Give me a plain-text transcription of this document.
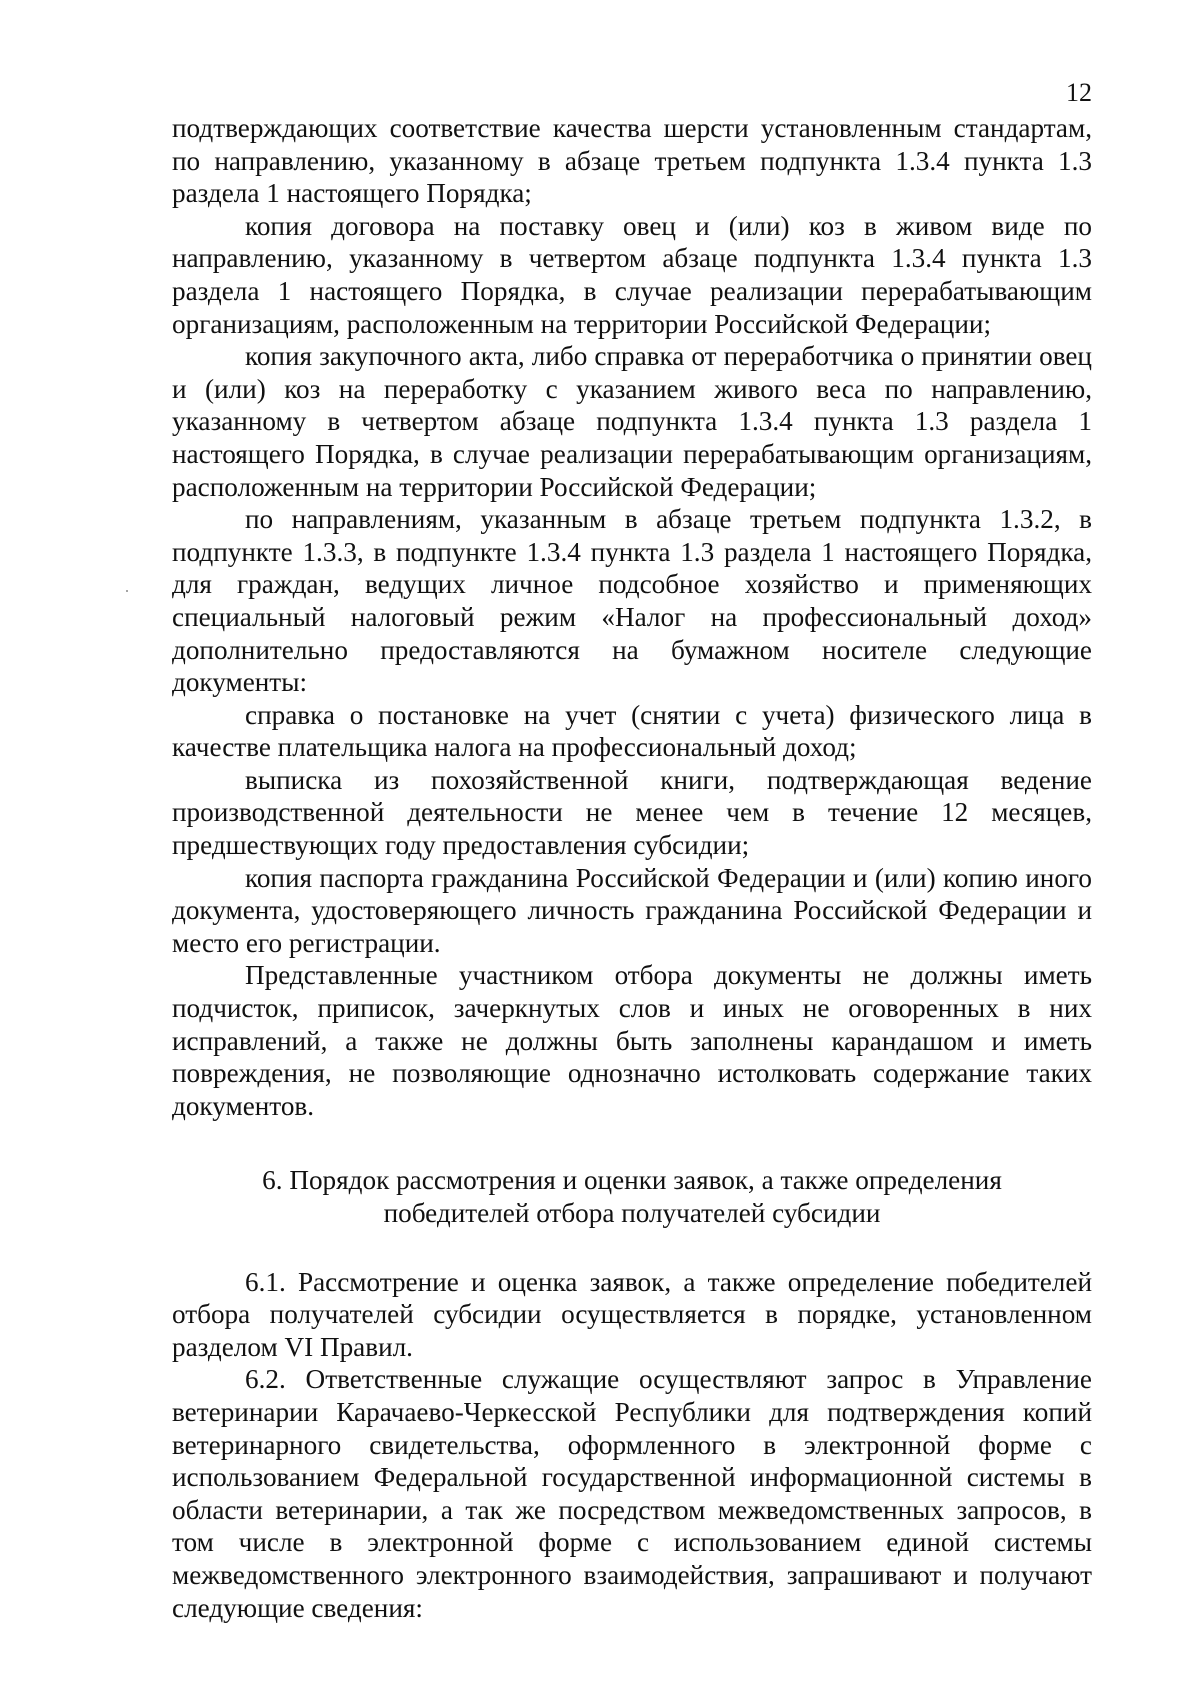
12

подтверждающих соответствие качества шерсти установленным стандартам, по направлению, указанному в абзаце третьем подпункта 1.3.4 пункта 1.3 раздела 1 настоящего Порядка;

копия договора на поставку овец и (или) коз в живом виде по направлению, указанному в четвертом абзаце подпункта 1.3.4 пункта 1.3 раздела 1 настоящего Порядка, в случае реализации перерабатывающим организациям, расположенным на территории Российской Федерации;

копия закупочного акта, либо справка от переработчика о принятии овец и (или) коз на переработку с указанием живого веса по направлению, указанному в четвертом абзаце подпункта 1.3.4 пункта 1.3 раздела 1 настоящего Порядка, в случае реализации перерабатывающим организациям, расположенным на территории Российской Федерации;

по направлениям, указанным в абзаце третьем подпункта 1.3.2, в подпункте 1.3.3, в подпункте 1.3.4 пункта 1.3 раздела 1 настоящего Порядка, для граждан, ведущих личное подсобное хозяйство и применяющих специальный налоговый режим «Налог на профессиональный доход» дополнительно предоставляются на бумажном носителе следующие документы:

справка о постановке на учет (снятии с учета) физического лица в качестве плательщика налога на профессиональный доход;

выписка из похозяйственной книги, подтверждающая ведение производственной деятельности не менее чем в течение 12 месяцев, предшествующих году предоставления субсидии;

копия паспорта гражданина Российской Федерации и (или) копию иного документа, удостоверяющего личность гражданина Российской Федерации и место его регистрации.

Представленные участником отбора документы не должны иметь подчисток, приписок, зачеркнутых слов и иных не оговоренных в них исправлений, а также не должны быть заполнены карандашом и иметь повреждения, не позволяющие однозначно истолковать содержание таких документов.

6. Порядок рассмотрения и оценки заявок, а также определения
победителей отбора получателей субсидии

6.1. Рассмотрение и оценка заявок, а также определение победителей отбора получателей субсидии осуществляется в порядке, установленном разделом VI Правил.

6.2. Ответственные служащие осуществляют запрос в Управление ветеринарии Карачаево-Черкесской Республики для подтверждения копий ветеринарного свидетельства, оформленного в электронной форме с использованием Федеральной государственной информационной системы в области ветеринарии, а так же посредством межведомственных запросов, в том числе в электронной форме с использованием единой системы межведомственного электронного взаимодействия, запрашивают и получают следующие сведения:
